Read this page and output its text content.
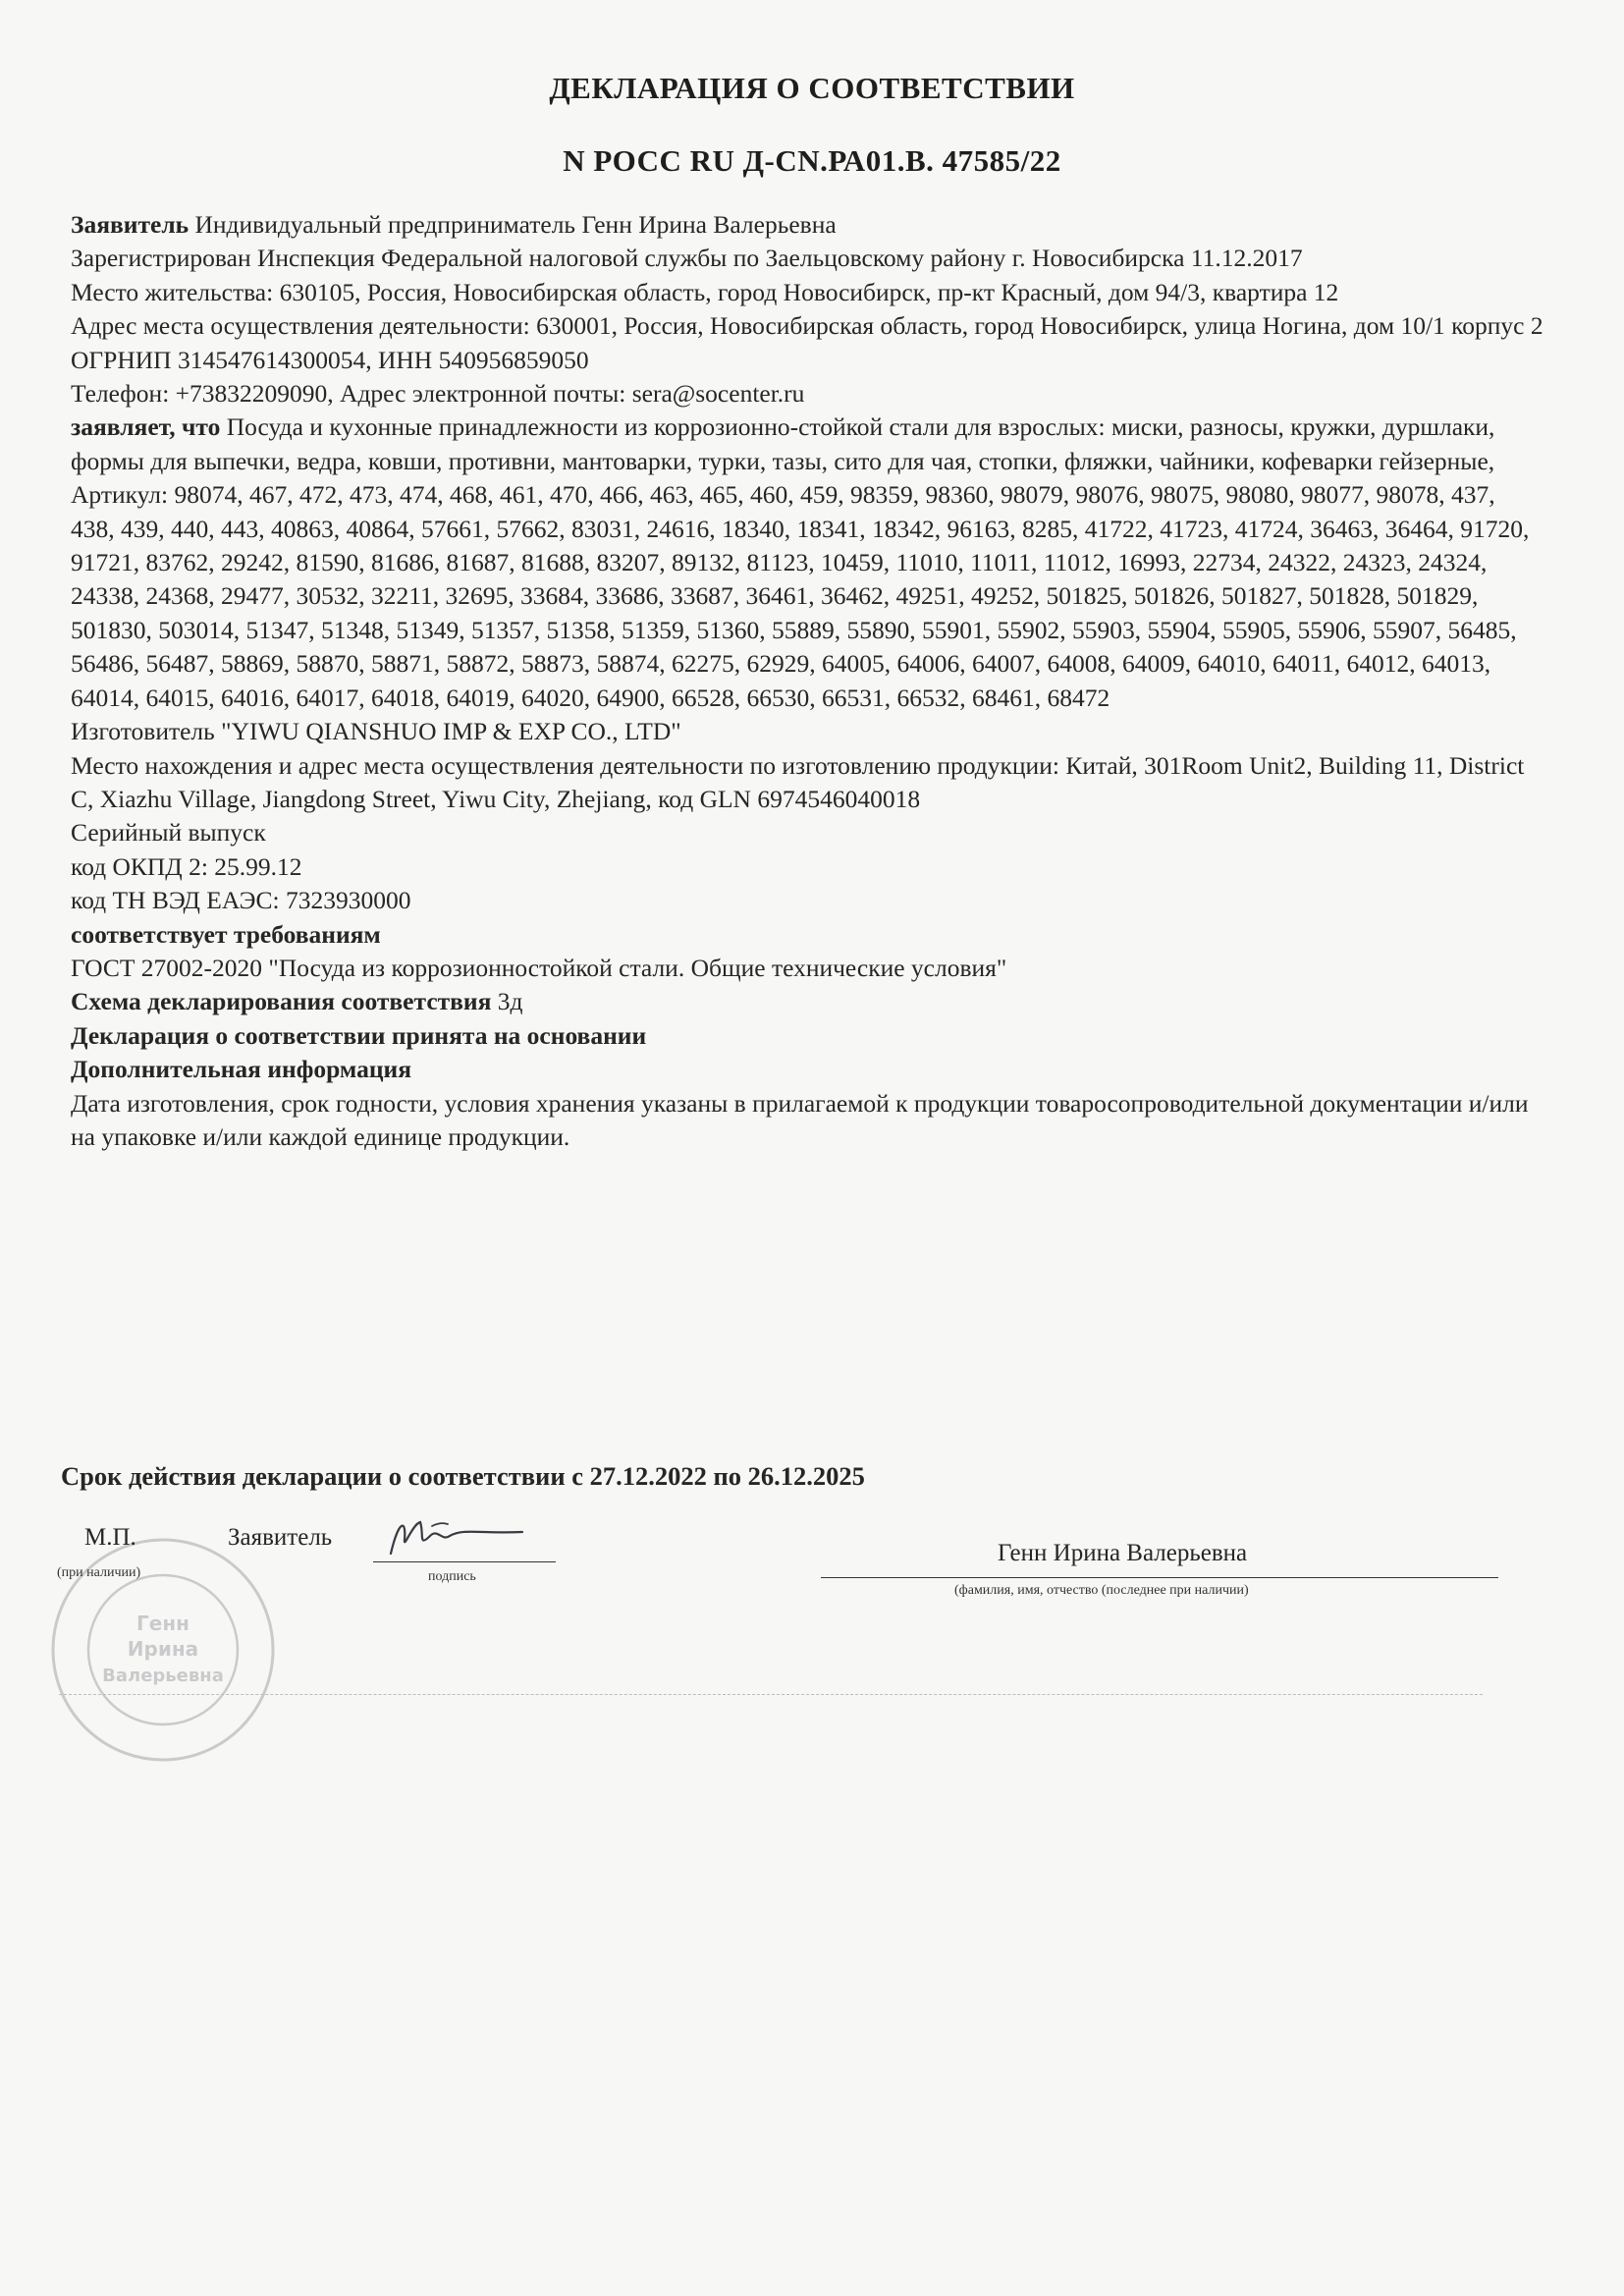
ДЕКЛАРАЦИЯ О СООТВЕТСТВИИ
N РОСС RU Д-CN.РА01.В. 47585/22

Заявитель Индивидуальный предприниматель Генн Ирина Валерьевна

Зарегистрирован Инспекция Федеральной налоговой службы по Заельцовскому району г. Новосибирска 11.12.2017

Место жительства: 630105, Россия, Новосибирская область, город Новосибирск, пр-кт Красный, дом 94/3, квартира 12

Адрес места осуществления деятельности: 630001, Россия, Новосибирская область, город Новосибирск, улица Ногина, дом 10/1 корпус 2

ОГРНИП 314547614300054, ИНН 540956859050

Телефон: +73832209090, Адрес электронной почты: sera@socenter.ru

заявляет, что Посуда и кухонные принадлежности из коррозионно-стойкой стали для взрослых: миски, разносы, кружки, дуршлаки, формы для выпечки, ведра, ковши, противни, мантоварки, турки, тазы, сито для чая, стопки, фляжки, чайники, кофеварки гейзерные, Артикул: 98074, 467, 472, 473, 474, 468, 461, 470, 466, 463, 465, 460, 459, 98359, 98360, 98079, 98076, 98075, 98080, 98077, 98078, 437, 438, 439, 440, 443, 40863, 40864, 57661, 57662, 83031, 24616, 18340, 18341, 18342, 96163, 8285, 41722, 41723, 41724, 36463, 36464, 91720, 91721, 83762, 29242, 81590, 81686, 81687, 81688, 83207, 89132, 81123, 10459, 11010, 11011, 11012, 16993, 22734, 24322, 24323, 24324, 24338, 24368, 29477, 30532, 32211, 32695, 33684, 33686, 33687, 36461, 36462, 49251, 49252, 501825, 501826, 501827, 501828, 501829, 501830, 503014, 51347, 51348, 51349, 51357, 51358, 51359, 51360, 55889, 55890, 55901, 55902, 55903, 55904, 55905, 55906, 55907, 56485, 56486, 56487, 58869, 58870, 58871, 58872, 58873, 58874, 62275, 62929, 64005, 64006, 64007, 64008, 64009, 64010, 64011, 64012, 64013, 64014, 64015, 64016, 64017, 64018, 64019, 64020, 64900, 66528, 66530, 66531, 66532, 68461, 68472

Изготовитель "YIWU QIANSHUO IMP & EXP CO., LTD"

Место нахождения и адрес места осуществления деятельности по изготовлению продукции: Китай, 301Room Unit2, Building 11, District C, Xiazhu Village, Jiangdong Street, Yiwu City, Zhejiang, код GLN 6974546040018

Серийный выпуск

код ОКПД 2: 25.99.12

код ТН ВЭД ЕАЭС: 7323930000

соответствует требованиям

ГОСТ 27002-2020 "Посуда из коррозионностойкой стали. Общие технические условия"

Схема декларирования соответствия 3д

Декларация о соответствии принята на основании

Дополнительная информация

Дата изготовления, срок годности, условия хранения указаны в прилагаемой к продукции товаросопроводительной документации и/или на упаковке и/или каждой единице продукции.

Срок действия декларации о соответствии с 27.12.2022 по 26.12.2025
Генн
Ирина
Валерьевна
М.П.
(при наличии)
Заявитель
подпись
Генн Ирина Валерьевна
(фамилия, имя, отчество (последнее при наличии)
